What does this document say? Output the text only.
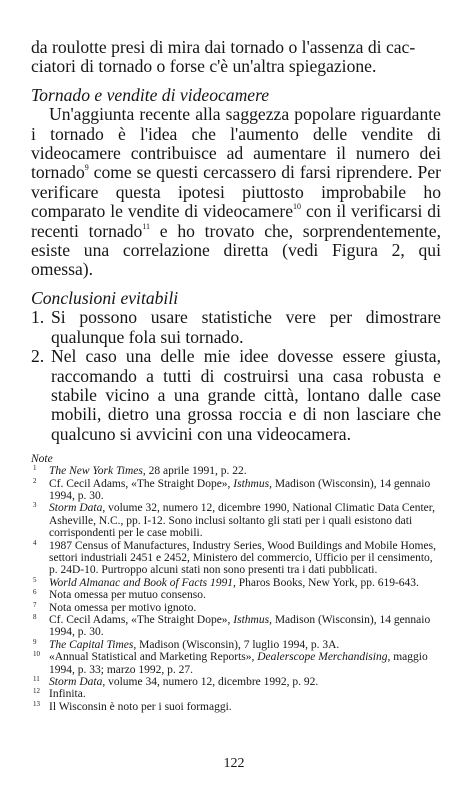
da roulotte presi di mira dai tornado o l'assenza di cac-
ciatori di tornado o forse c'è un'altra spiegazione.

Tornado e vendite di videocamere

Un'aggiunta recente alla saggezza popolare riguardante i tornado è l'idea che l'aumento delle vendite di videocamere contribuisce ad aumentare il numero dei tornado$^9$ come se questi cercassero di farsi riprendere. Per verificare questa ipotesi piuttosto improbabile ho comparato le vendite di videocamere$^{10}$ con il verificarsi di recenti tornado$^{11}$ e ho trovato che, sorprendentemente, esiste una correlazione diretta (vedi Figura 2, qui omessa).

Conclusioni evitabili

1. Si possono usare statistiche vere per dimostrare qualunque fola sui tornado.
2. Nel caso una delle mie idee dovesse essere giusta, raccomando a tutti di costruirsi una casa robusta e stabile vicino a una grande città, lontano dalle case mobili, dietro una grossa roccia e di non lasciare che qualcuno si avvicini con una videocamera.

Note

1 The New York Times, 28 aprile 1991, p. 22.
2 Cf. Cecil Adams, «The Straight Dope», Isthmus, Madison (Wisconsin), 14 gennaio 1994, p. 30.
3 Storm Data, volume 32, numero 12, dicembre 1990, National Climatic Data Center, Asheville, N.C., pp. I-12. Sono inclusi soltanto gli stati per i quali esistono dati corrispondenti per le case mobili.
4 1987 Census of Manufactures, Industry Series, Wood Buildings and Mobile Homes, settori industriali 2451 e 2452, Ministero del commercio, Ufficio per il censimento, p. 24D-10. Purtroppo alcuni stati non sono presenti tra i dati pubblicati.
5 World Almanac and Book of Facts 1991, Pharos Books, New York, pp. 619-643.
6 Nota omessa per mutuo consenso.
7 Nota omessa per motivo ignoto.
8 Cf. Cecil Adams, «The Straight Dope», Isthmus, Madison (Wisconsin), 14 gennaio 1994, p. 30.
9 The Capital Times, Madison (Wisconsin), 7 luglio 1994, p. 3A.
10 «Annual Statistical and Marketing Reports», Dealerscope Merchandising, maggio 1994, p. 33; marzo 1992, p. 27.
11 Storm Data, volume 34, numero 12, dicembre 1992, p. 92.
12 Infinita.
13 Il Wisconsin è noto per i suoi formaggi.
122
